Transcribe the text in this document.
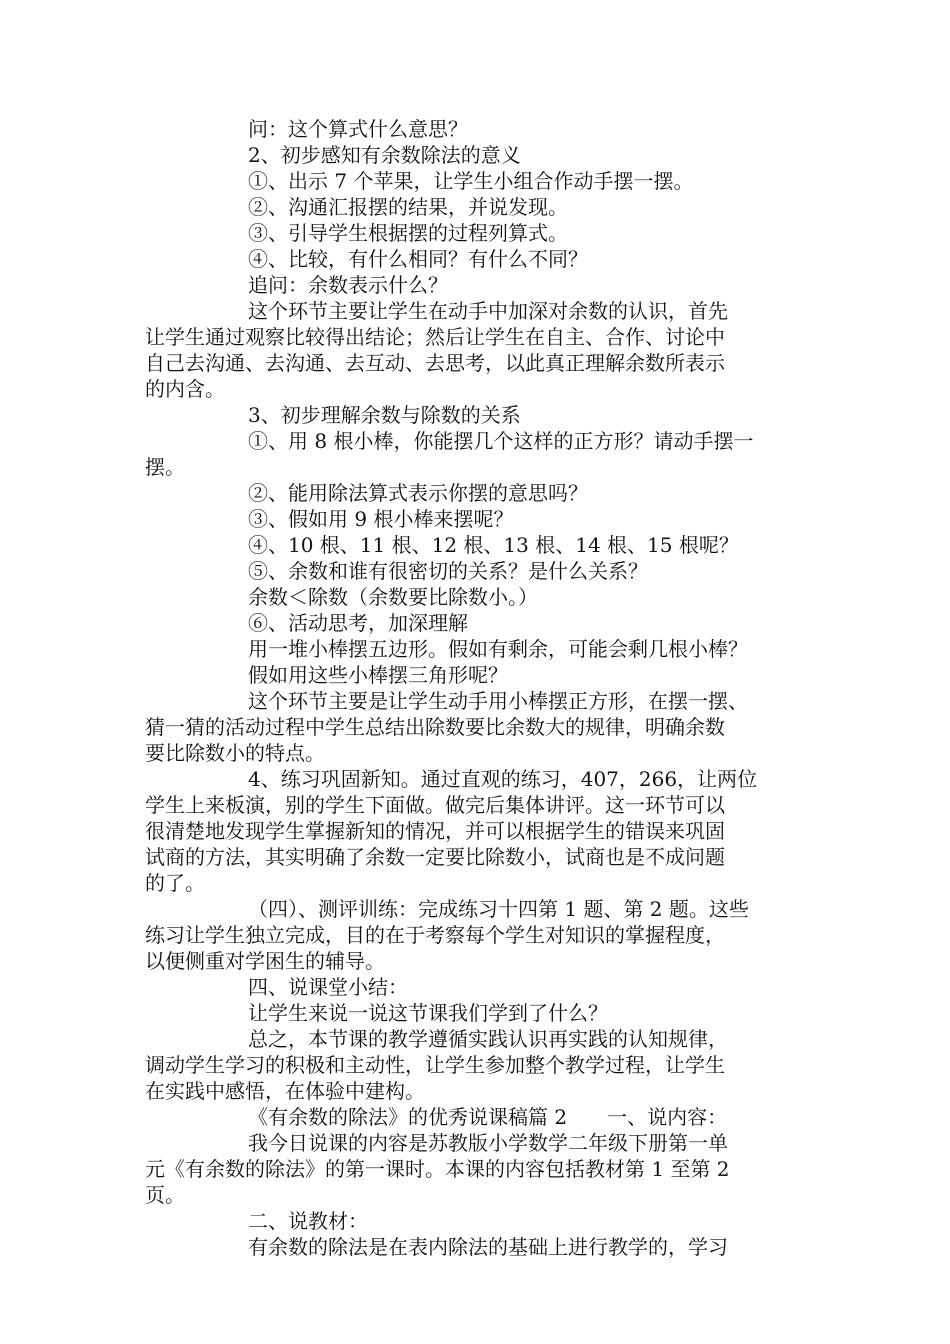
问：这个算式什么意思？
2、初步感知有余数除法的意义
①、出示 7 个苹果，让学生小组合作动手摆一摆。
②、沟通汇报摆的结果，并说发现。
③、引导学生根据摆的过程列算式。
④、比较，有什么相同？有什么不同？
追问：余数表示什么？
这个环节主要让学生在动手中加深对余数的认识，首先
让学生通过观察比较得出结论；然后让学生在自主、合作、讨论中
自己去沟通、去沟通、去互动、去思考，以此真正理解余数所表示
的内含。
3、初步理解余数与除数的关系
①、用 8 根小棒，你能摆几个这样的正方形？请动手摆一
摆。
②、能用除法算式表示你摆的意思吗？
③、假如用 9 根小棒来摆呢？
④、10 根、11 根、12 根、13 根、14 根、15 根呢？
⑤、余数和谁有很密切的关系？是什么关系？
余数＜除数（余数要比除数小。）
⑥、活动思考，加深理解
用一堆小棒摆五边形。假如有剩余，可能会剩几根小棒？
假如用这些小棒摆三角形呢？
这个环节主要是让学生动手用小棒摆正方形，在摆一摆、
猜一猜的活动过程中学生总结出除数要比余数大的规律，明确余数
要比除数小的特点。
4、练习巩固新知。通过直观的练习，407，266，让两位
学生上来板演，别的学生下面做。做完后集体讲评。这一环节可以
很清楚地发现学生掌握新知的情况，并可以根据学生的错误来巩固
试商的方法，其实明确了余数一定要比除数小，试商也是不成问题
的了。
（四）、测评训练：完成练习十四第 1 题、第 2 题。这些
练习让学生独立完成，目的在于考察每个学生对知识的掌握程度，
以便侧重对学困生的辅导。
四、说课堂小结：
让学生来说一说这节课我们学到了什么？
总之，本节课的教学遵循实践认识再实践的认知规律，
调动学生学习的积极和主动性，让学生参加整个教学过程，让学生
在实践中感悟，在体验中建构。
《有余数的除法》的优秀说课稿篇 2　　一、说内容：
我今日说课的内容是苏教版小学数学二年级下册第一单
元《有余数的除法》的第一课时。本课的内容包括教材第 1 至第 2
页。
二、说教材：
有余数的除法是在表内除法的基础上进行教学的，学习
